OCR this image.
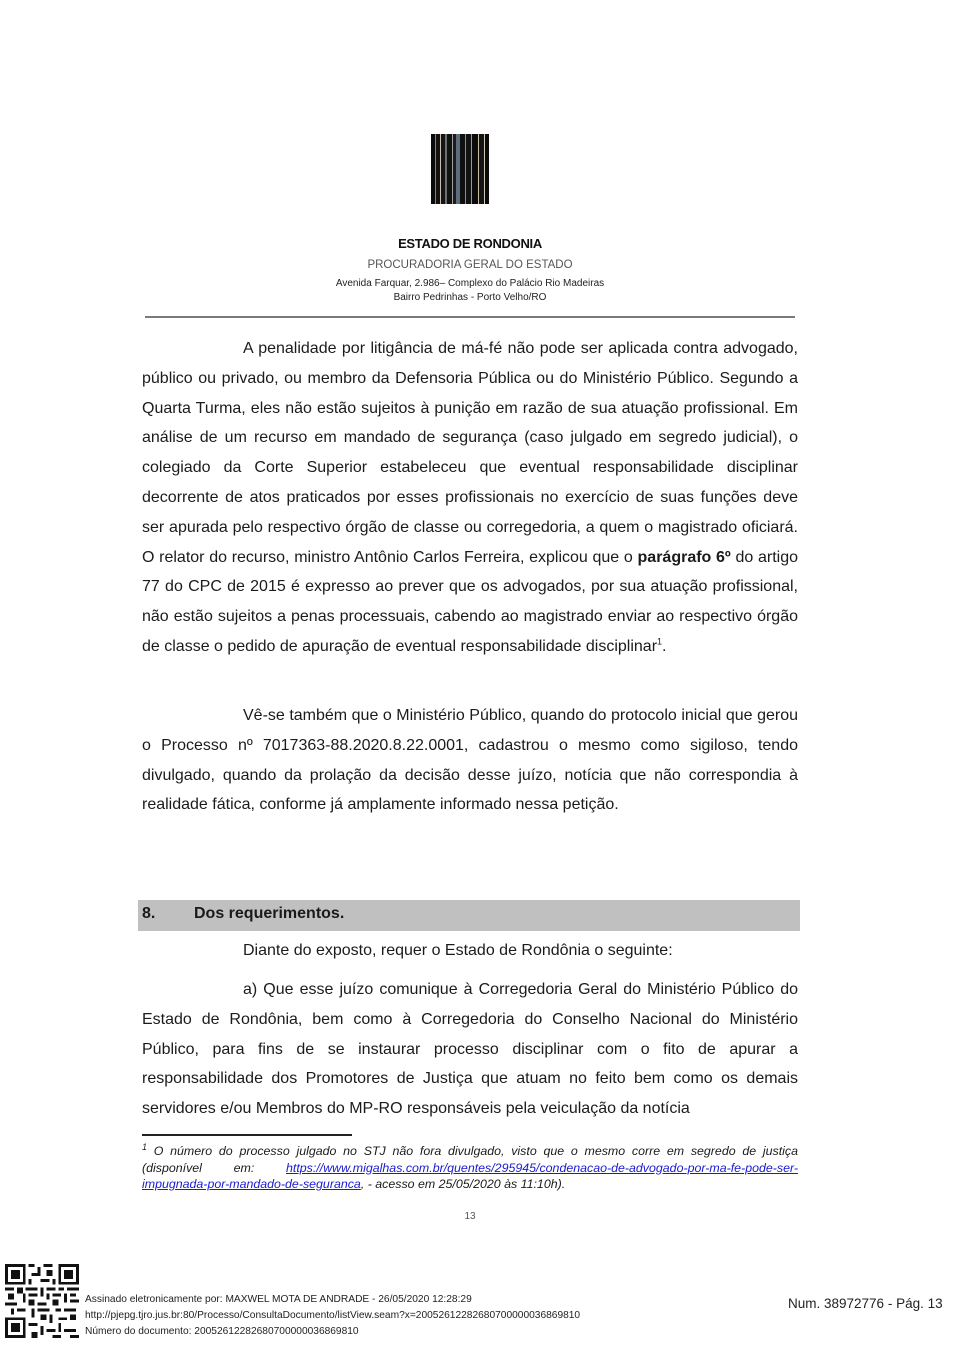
ESTADO DE RONDONIA
PROCURADORIA GERAL DO ESTADO
Avenida Farquar, 2.986– Complexo do Palácio Rio Madeiras
Bairro Pedrinhas - Porto Velho/RO
A penalidade por litigância de má-fé não pode ser aplicada contra advogado, público ou privado, ou membro da Defensoria Pública ou do Ministério Público. Segundo a Quarta Turma, eles não estão sujeitos à punição em razão de sua atuação profissional. Em análise de um recurso em mandado de segurança (caso julgado em segredo judicial), o colegiado da Corte Superior estabeleceu que eventual responsabilidade disciplinar decorrente de atos praticados por esses profissionais no exercício de suas funções deve ser apurada pelo respectivo órgão de classe ou corregedoria, a quem o magistrado oficiará. O relator do recurso, ministro Antônio Carlos Ferreira, explicou que o parágrafo 6º do artigo 77 do CPC de 2015 é expresso ao prever que os advogados, por sua atuação profissional, não estão sujeitos a penas processuais, cabendo ao magistrado enviar ao respectivo órgão de classe o pedido de apuração de eventual responsabilidade disciplinar$^1$.
Vê-se também que o Ministério Público, quando do protocolo inicial que gerou o Processo nº 7017363-88.2020.8.22.0001, cadastrou o mesmo como sigiloso, tendo divulgado, quando da prolação da decisão desse juízo, notícia que não correspondia à realidade fática, conforme já amplamente informado nessa petição.
8. Dos requerimentos.
Diante do exposto, requer o Estado de Rondônia o seguinte:
a) Que esse juízo comunique à Corregedoria Geral do Ministério Público do Estado de Rondônia, bem como à Corregedoria do Conselho Nacional do Ministério Público, para fins de se instaurar processo disciplinar com o fito de apurar a responsabilidade dos Promotores de Justiça que atuam no feito bem como os demais servidores e/ou Membros do MP-RO responsáveis pela veiculação da notícia
$^1$ O número do processo julgado no STJ não fora divulgado, visto que o mesmo corre em segredo de justiça (disponível em: https://www.migalhas.com.br/quentes/295945/condenacao-de-advogado-por-ma-fe-pode-ser-impugnada-por-mandado-de-seguranca, - acesso em 25/05/2020 às 11:10h).
13
Assinado eletronicamente por: MAXWEL MOTA DE ANDRADE - 26/05/2020 12:28:29
http://pjepg.tjro.jus.br:80/Processo/ConsultaDocumento/listView.seam?x=20052612282680700000036869810
Número do documento: 20052612282680700000036869810
Num. 38972776 - Pág. 13
